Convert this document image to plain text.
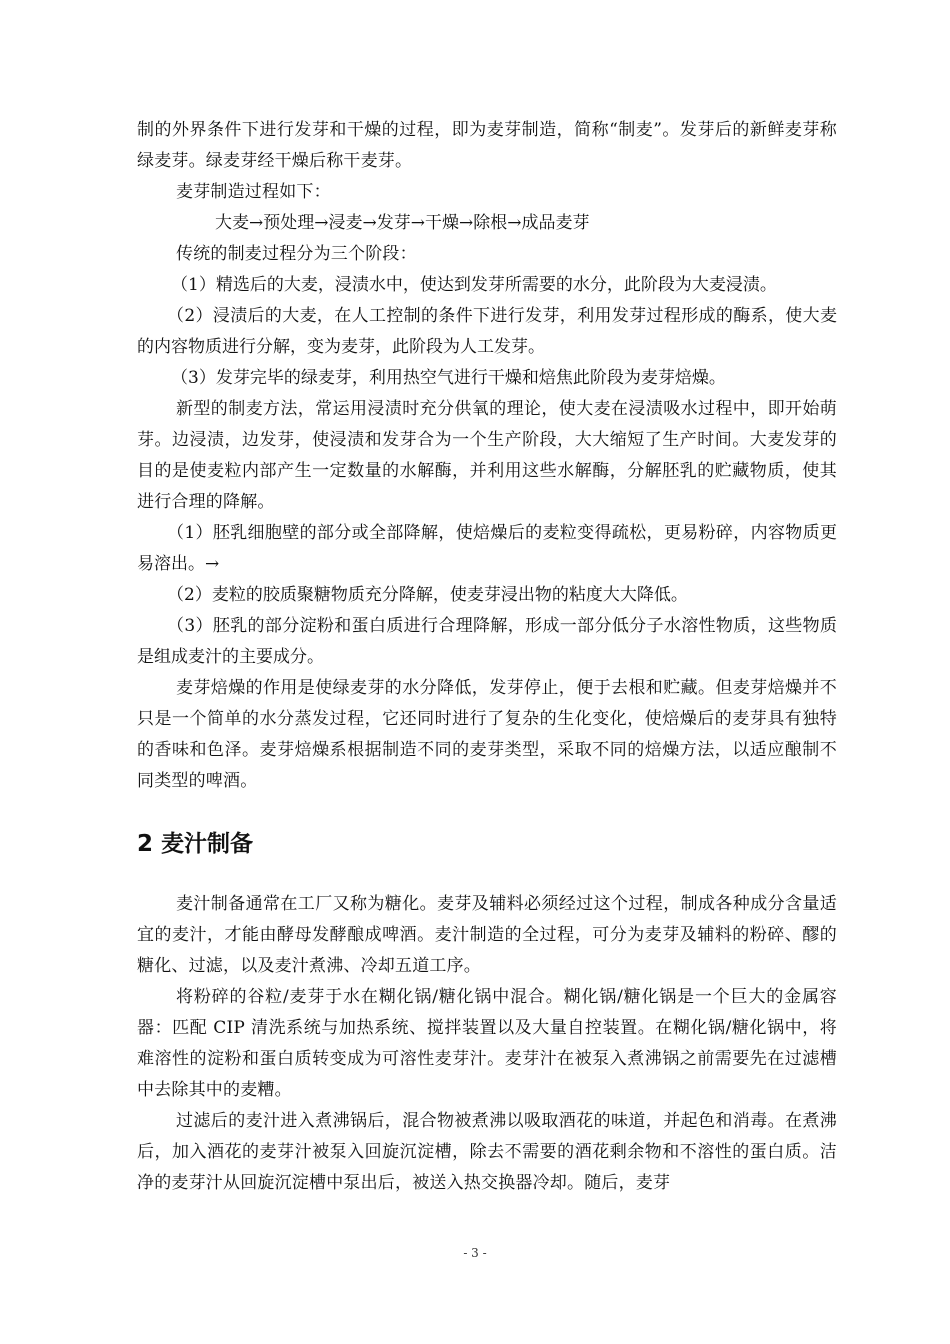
制的外界条件下进行发芽和干燥的过程，即为麦芽制造，简称“制麦”。发芽后的新鲜麦芽称绿麦芽。绿麦芽经干燥后称干麦芽。

麦芽制造过程如下：

大麦→预处理→浸麦→发芽→干燥→除根→成品麦芽

传统的制麦过程分为三个阶段：

（1）精选后的大麦，浸渍水中，使达到发芽所需要的水分，此阶段为大麦浸渍。

（2）浸渍后的大麦，在人工控制的条件下进行发芽，利用发芽过程形成的酶系，使大麦的内容物质进行分解，变为麦芽，此阶段为人工发芽。

（3）发芽完毕的绿麦芽，利用热空气进行干燥和焙焦此阶段为麦芽焙燥。

新型的制麦方法，常运用浸渍时充分供氧的理论，使大麦在浸渍吸水过程中，即开始萌芽。边浸渍，边发芽，使浸渍和发芽合为一个生产阶段，大大缩短了生产时间。大麦发芽的目的是使麦粒内部产生一定数量的水解酶，并利用这些水解酶，分解胚乳的贮藏物质，使其进行合理的降解。

（1）胚乳细胞壁的部分或全部降解，使焙燥后的麦粒变得疏松，更易粉碎，内容物质更易溶出。→

（2）麦粒的胶质聚糖物质充分降解，使麦芽浸出物的粘度大大降低。

（3）胚乳的部分淀粉和蛋白质进行合理降解，形成一部分低分子水溶性物质，这些物质是组成麦汁的主要成分。

麦芽焙燥的作用是使绿麦芽的水分降低，发芽停止，便于去根和贮藏。但麦芽焙燥并不只是一个简单的水分蒸发过程，它还同时进行了复杂的生化变化，使焙燥后的麦芽具有独特的香味和色泽。麦芽焙燥系根据制造不同的麦芽类型，采取不同的焙燥方法，以适应酿制不同类型的啤酒。

2 麦汁制备

麦汁制备通常在工厂又称为糖化。麦芽及辅料必须经过这个过程，制成各种成分含量适宜的麦汁，才能由酵母发酵酿成啤酒。麦汁制造的全过程，可分为麦芽及辅料的粉碎、醪的糖化、过滤，以及麦汁煮沸、冷却五道工序。

将粉碎的谷粒/麦芽于水在糊化锅/糖化锅中混合。糊化锅/糖化锅是一个巨大的金属容器：匹配 CIP 清洗系统与加热系统、搅拌装置以及大量自控装置。在糊化锅/糖化锅中，将难溶性的淀粉和蛋白质转变成为可溶性麦芽汁。麦芽汁在被泵入煮沸锅之前需要先在过滤槽中去除其中的麦糟。

过滤后的麦汁进入煮沸锅后，混合物被煮沸以吸取酒花的味道，并起色和消毒。在煮沸后，加入酒花的麦芽汁被泵入回旋沉淀槽，除去不需要的酒花剩余物和不溶性的蛋白质。洁净的麦芽汁从回旋沉淀槽中泵出后，被送入热交换器冷却。随后，麦芽

- 3 -
